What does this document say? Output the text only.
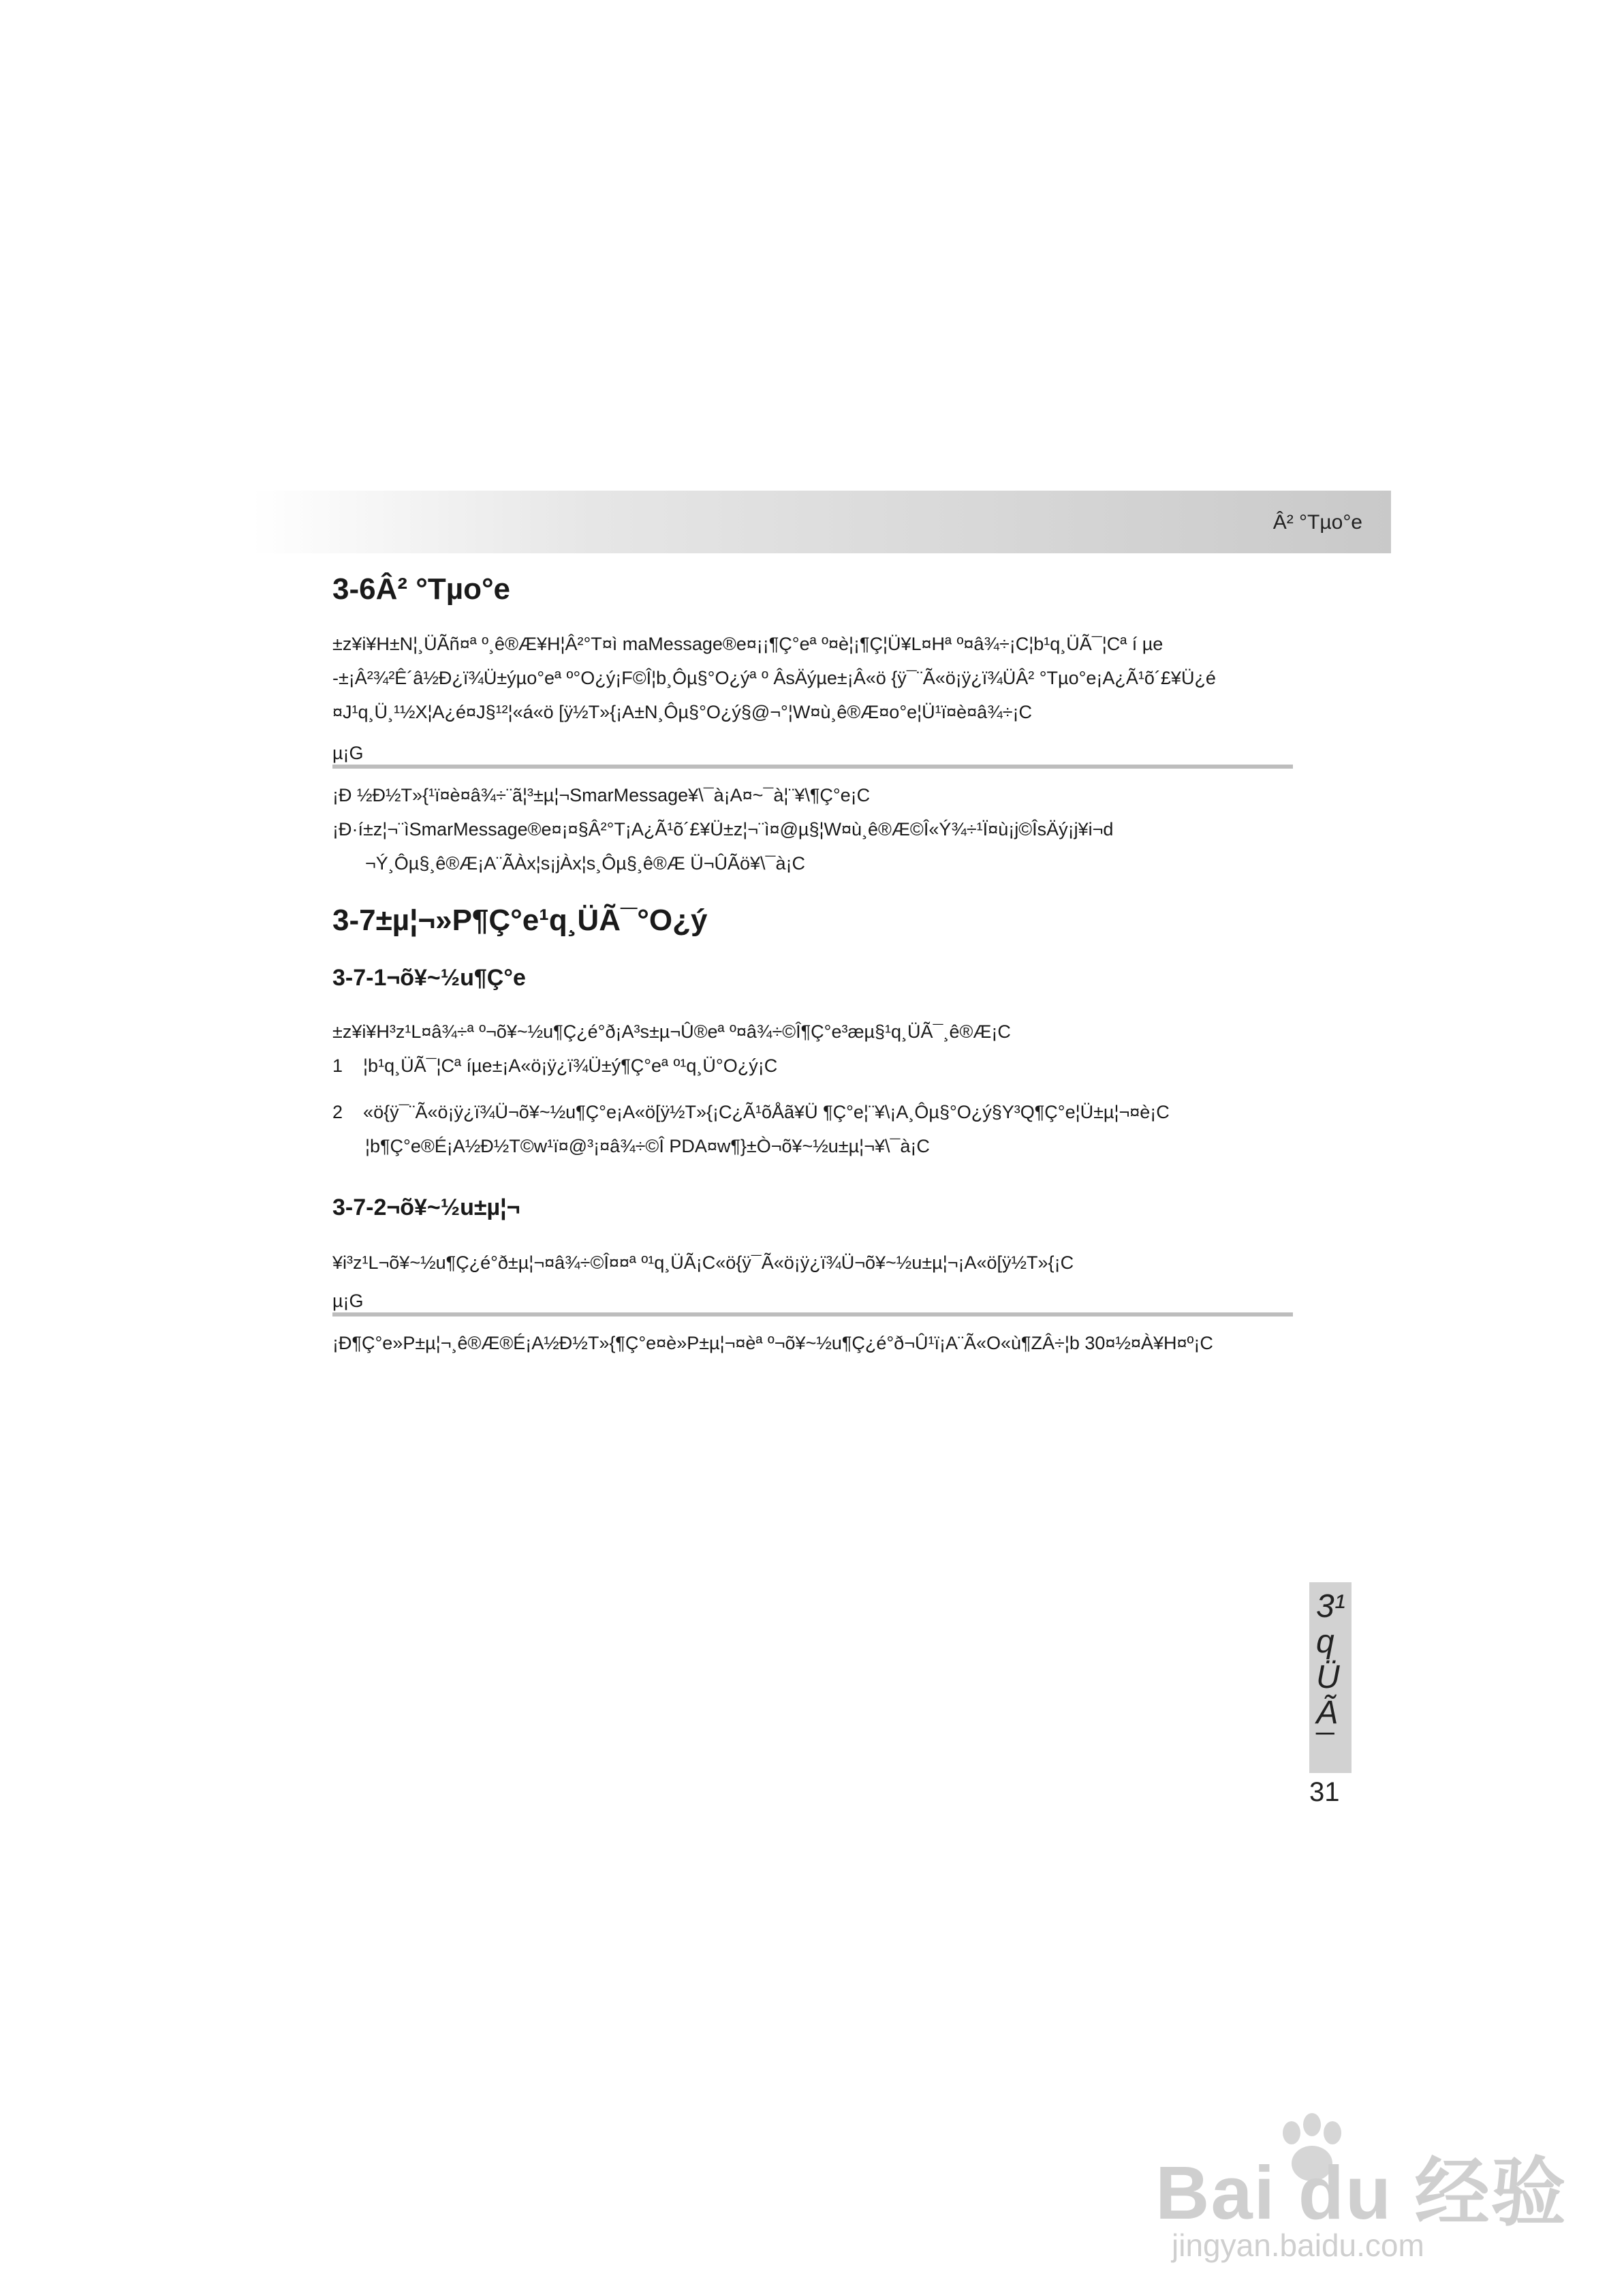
Â² °Tµo°e
3-6Â² °Tµo°e

±z¥i¥H±N¦¸ÜÃñ¤ª º¸ê®Æ¥H¦Â²°T¤ì maMessage®e¤¡¡¶Ç°eª º¤è¦¡¶Ç¦Ü¥L¤Hª º¤â¾÷¡C¦b¹q¸ÜÃ¯¦Cª í µe

-±¡Â²¾²Ê´â½Ð¿ï¾Ü±ýµo°eª º°O¿ý¡F©Î¦b¸Ôµ§°O¿ýª º ÂsÄýµe±¡Â«ö {ÿ¯¨Ã«ö¡ÿ¿ï¾ÜÂ² °Tµo°e¡A¿Ã¹õ´£¥Ü¿é

¤J¹q¸Ü¸¹½X¦A¿é¤J§¹²¦«á«ö [ÿ½T»{¡A±N¸Ôµ§°O¿ý§@¬°¦W¤ù¸ê®Æ¤o°e¦Ü¹ï¤è¤â¾÷¡C

µ¡G

¡Ð ½Ð½T»{¹ï¤è¤â¾÷¨ã¦³±µ¦¬SmarMessage¥\¯à¡A¤~¯à¦¨¥\¶Ç°e¡C
¡Ð·í±z¦¬¨ìSmarMessage®e¤¡¤§Â²°T¡A¿Ã¹õ´£¥Ü±z¦¬¨ì¤@µ§¦W¤ù¸ê®Æ©Î«Ý¾÷¹Ï¤ù¡j©ÎsÄý¡j¥i¬d
¬Ý¸Ôµ§¸ê®Æ¡A¨ÃÀx¦s¡jÀx¦s¸Ôµ§¸ê®Æ Ü¬ÛÃö¥\¯à¡C
3-7±µ¦¬»P¶Ç°e¹q¸ÜÃ¯°O¿ý
3-7-1¬õ¥~½u¶Ç°e

±z¥i¥H³z¹L¤â¾÷ª º¬õ¥~½u¶Ç¿é°ð¡A³s±µ¬Û®eª º¤â¾÷©Î¶Ç°e³æµ§¹q¸ÜÃ¯¸ê®Æ¡C

1 ¦b¹q¸ÜÃ¯¦Cª íµe±¡A«ö¡ÿ¿ï¾Ü±ý¶Ç°eª º¹q¸Ü°O¿ý¡C
2 «ö{ÿ¯¨Ã«ö¡ÿ¿ï¾Ü¬õ¥~½u¶Ç°e¡A«ö[ÿ½T»{¡C¿Ã¹õÅã¥Ü ¶Ç°e¦¨¥\¡A¸Ôµ§°O¿ý§Y³Q¶Ç°e¦Ü±µ¦¬¤è¡C
¦b¶Ç°e®É¡A½Ð½T©w¹ï¤@³¡¤â¾÷©Î PDA¤w¶}±Ò¬õ¥~½u±µ¦¬¥\¯à¡C
3-7-2¬õ¥~½u±µ¦¬

¥i³z¹L¬õ¥~½u¶Ç¿é°ð±µ¦¬¤â¾÷©Î¤¤ª º¹q¸ÜÃ¡C«ö{ÿ¯Ã«ö¡ÿ¿ï¾Ü¬õ¥~½u±µ¦¬¡A«ö[ÿ½T»{¡C

µ¡G

¡Ð¶Ç°e»P±µ¦¬¸ê®Æ®É¡A½Ð½T»{¶Ç°e¤è»P±µ¦¬¤èª º¬õ¥~½u¶Ç¿é°ð¬Û¹ï¡A¨Ã«O«ù¶ZÂ÷¦b 30¤½¤À¥H¤º¡C
3¹qÜÃ¯
31
Bai du 经验
jingyan.baidu.com
